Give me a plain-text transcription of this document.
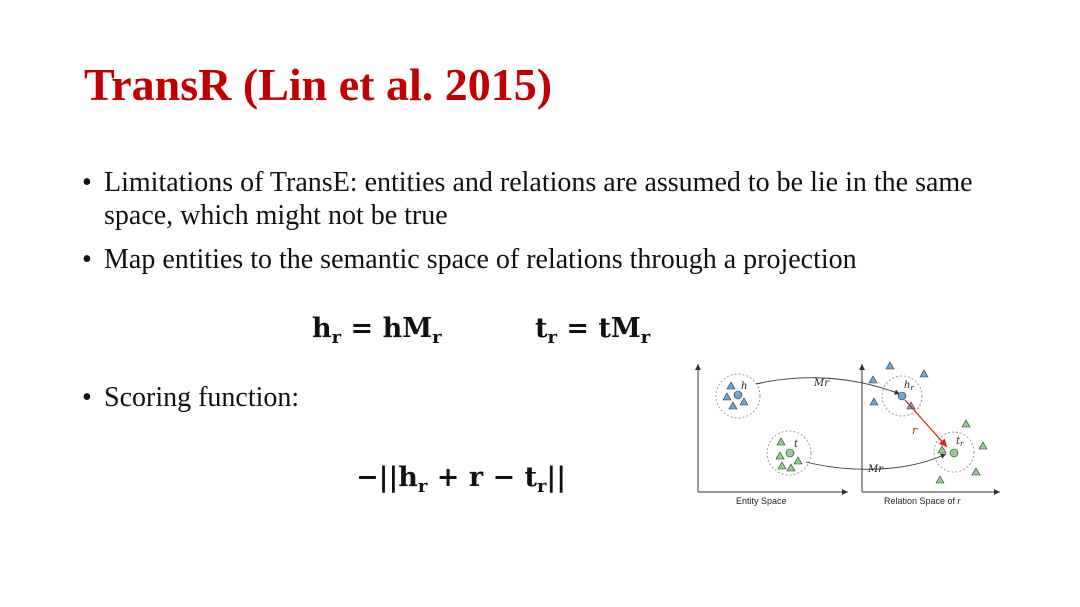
TransR (Lin et al. 2015)
• Limitations of TransE: entities and relations are assumed to be lie in the same space, which might not be true
• Map entities to the semantic space of relations through a projection
$h_r = hM_r$	$t_r = tM_r$
• Scoring function:
$-||h_r + r - t_r||$
h
t
Mr
Mr
$h_r$
$t_r$
r
Entity Space	Relation Space of r
